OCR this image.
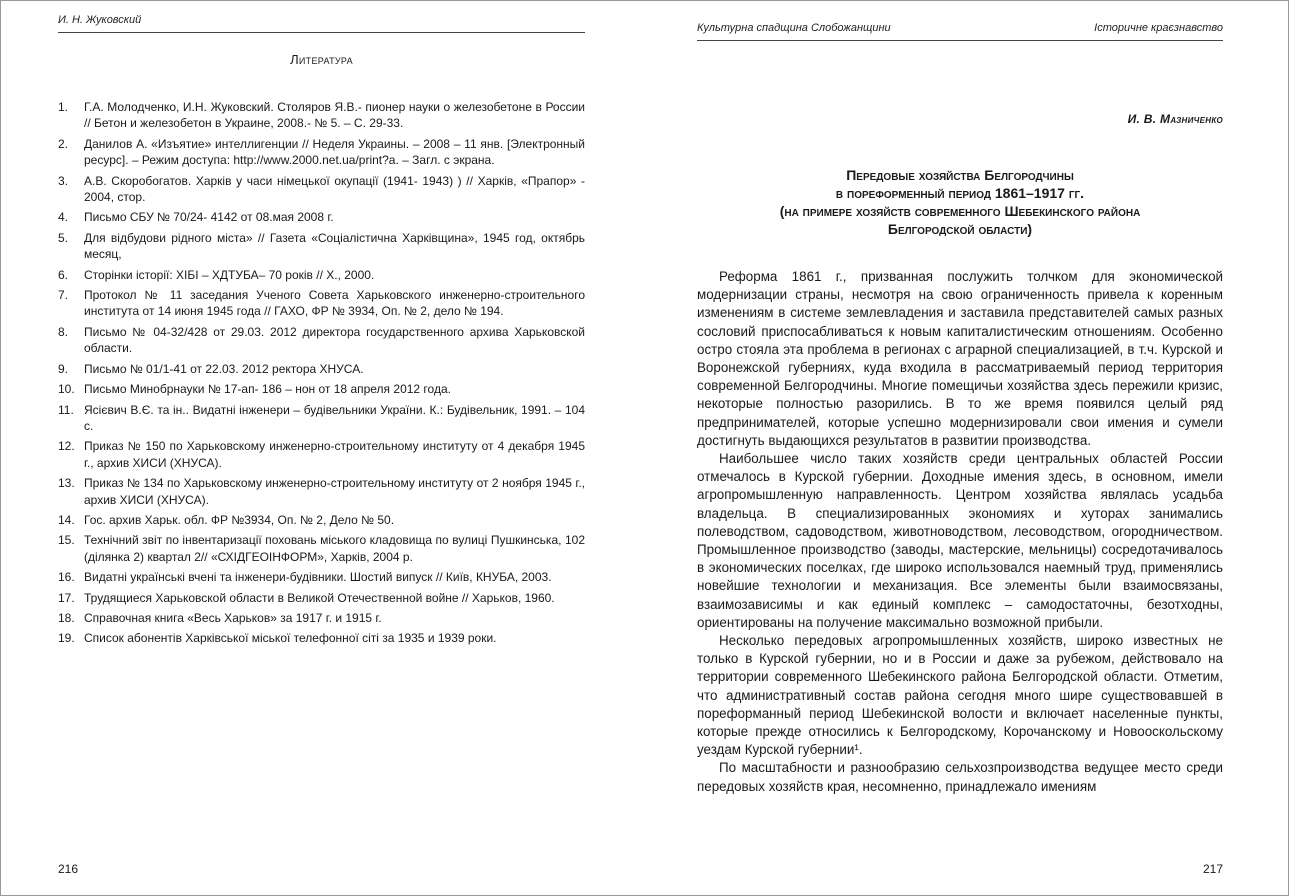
И. Н. Жуковский
Литература
1.	Г.А. Молодченко, И.Н. Жуковский. Столяров Я.В.- пионер науки о железобетоне в России // Бетон и железобетон в Украине, 2008.- № 5. – С. 29-33.
2.	Данилов А. «Изъятие» интеллигенции // Неделя Украины. – 2008 – 11 янв. [Электронный ресурс]. – Режим доступа: http://www.2000.net.ua/print?a. – Загл. с экрана.
3.	А.В. Скоробогатов. Харків у часи німецької окупації (1941- 1943) ) // Харків, «Прапор» - 2004, стор.
4.	Письмо СБУ № 70/24- 4142 от 08.мая 2008 г.
5.	Для відбудови рідного міста» // Газета «Соціалістична Харківщина», 1945 год, октябрь месяц,
6.	Сторінки історії: ХІБІ – ХДТУБА– 70 років // Х., 2000.
7.	Протокол № 11 заседания Ученого Совета Харьковского инженерно-строительного института от 14 июня 1945 года // ГАХО, ФР № 3934, Оп. № 2, дело № 194.
8.	Письмо № 04-32/428 от 29.03. 2012 директора государственного архива Харьковской области.
9.	Письмо № 01/1-41 от 22.03. 2012 ректора ХНУСА.
10. Письмо Минобрнауки № 17-ап- 186 – нон от 18 апреля 2012 года.
11. Ясієвич В.Є. та ін.. Видатні інженери – будівельники України. К.: Будівельник, 1991. – 104 с.
12. Приказ № 150 по Харьковскому инженерно-строительному институту от 4 декабря 1945 г., архив ХИСИ (ХНУСА).
13. Приказ № 134 по Харьковскому инженерно-строительному институту от 2 ноября 1945 г., архив ХИСИ (ХНУСА).
14. Гос. архив Харьк. обл. ФР №3934, Оп. № 2, Дело № 50.
15. Технічний звіт по інвентаризації поховань міського кладовища по вулиці Пушкинська, 102 (ділянка 2) квартал 2// «СХІДГЕОІНФОРМ», Харків, 2004 р.
16. Видатні українські вчені та інженери-будівники. Шостий випуск // Київ, КНУБА, 2003.
17. Трудящиеся Харьковской области в Великой Отечественной войне // Харьков, 1960.
18. Справочная книга «Весь Харьков» за 1917 г. и 1915 г.
19. Список абонентів Харківської міської телефонної сіті за 1935 и 1939 роки.
216
Культурна спадщина Слобожанщини	Історичне краєзнавство
И. В. Мазниченко
Передовые хозяйства Белгородчины
в пореформенный период 1861–1917 гг.
(на примере хозяйств современного Шебекинского района
Белгородской области)

Реформа 1861 г., призванная послужить толчком для экономической модернизации страны, несмотря на свою ограниченность привела к коренным изменениям в системе землевладения и заставила представителей самых разных сословий приспосабливаться к новым капиталистическим отношениям. Особенно остро стояла эта проблема в регионах с аграрной специализацией, в т.ч. Курской и Воронежской губерниях, куда входила в рассматриваемый период территория современной Белгородчины. Многие помещичьи хозяйства здесь пережили кризис, некоторые полностью разорились. В то же время появился целый ряд предпринимателей, которые успешно модернизировали свои имения и сумели достигнуть выдающихся результатов в развитии производства.

Наибольшее число таких хозяйств среди центральных областей России отмечалось в Курской губернии. Доходные имения здесь, в основном, имели агропромышленную направленность. Центром хозяйства являлась усадьба владельца. В специализированных экономиях и хуторах занимались полеводством, садоводством, животноводством, лесоводством, огородничеством. Промышленное производство (заводы, мастерские, мельницы) сосредотачивалось в экономических поселках, где широко использовался наемный труд, применялись новейшие технологии и механизация. Все элементы были взаимосвязаны, взаимозависимы и как единый комплекс – самодостаточны, безотходны, ориентированы на получение максимально возможной прибыли.

Несколько передовых агропромышленных хозяйств, широко известных не только в Курской губернии, но и в России и даже за рубежом, действовало на территории современного Шебекинского района Белгородской области. Отметим, что административный состав района сегодня много шире существовавшей в пореформанный период Шебекинской волости и включает населенные пункты, которые прежде относились к Белгородскому, Корочанскому и Новооскольскому уездам Курской губернии¹.

По масштабности и разнообразию сельхозпроизводства ведущее место среди передовых хозяйств края, несомненно, принадлежало имениям

217
